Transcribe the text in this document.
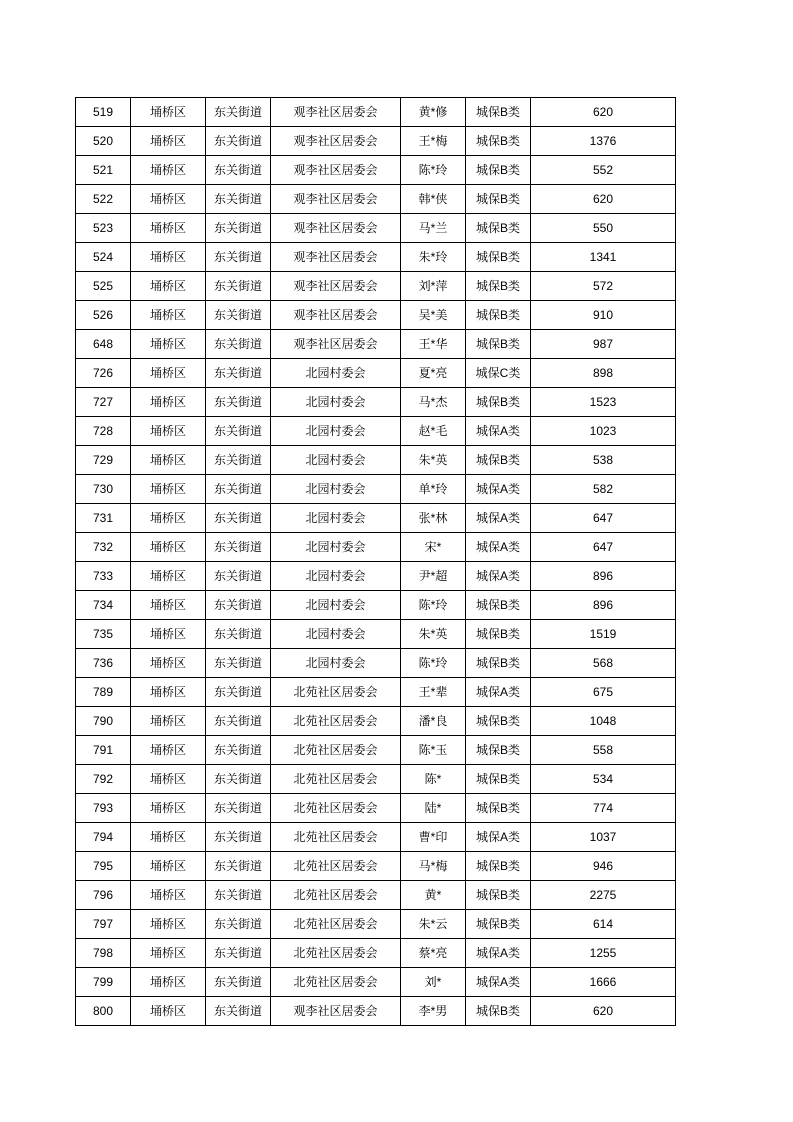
519	埇桥区	东关街道	观李社区居委会	黄*修	城保B类	620
520	埇桥区	东关街道	观李社区居委会	王*梅	城保B类	1376
521	埇桥区	东关街道	观李社区居委会	陈*玲	城保B类	552
522	埇桥区	东关街道	观李社区居委会	韩*侠	城保B类	620
523	埇桥区	东关街道	观李社区居委会	马*兰	城保B类	550
524	埇桥区	东关街道	观李社区居委会	朱*玲	城保B类	1341
525	埇桥区	东关街道	观李社区居委会	刘*萍	城保B类	572
526	埇桥区	东关街道	观李社区居委会	吴*美	城保B类	910
648	埇桥区	东关街道	观李社区居委会	王*华	城保B类	987
726	埇桥区	东关街道	北园村委会	夏*亮	城保C类	898
727	埇桥区	东关街道	北园村委会	马*杰	城保B类	1523
728	埇桥区	东关街道	北园村委会	赵*毛	城保A类	1023
729	埇桥区	东关街道	北园村委会	朱*英	城保B类	538
730	埇桥区	东关街道	北园村委会	单*玲	城保A类	582
731	埇桥区	东关街道	北园村委会	张*林	城保A类	647
732	埇桥区	东关街道	北园村委会	宋*	城保A类	647
733	埇桥区	东关街道	北园村委会	尹*超	城保A类	896
734	埇桥区	东关街道	北园村委会	陈*玲	城保B类	896
735	埇桥区	东关街道	北园村委会	朱*英	城保B类	1519
736	埇桥区	东关街道	北园村委会	陈*玲	城保B类	568
789	埇桥区	东关街道	北苑社区居委会	王*辈	城保A类	675
790	埇桥区	东关街道	北苑社区居委会	潘*良	城保B类	1048
791	埇桥区	东关街道	北苑社区居委会	陈*玉	城保B类	558
792	埇桥区	东关街道	北苑社区居委会	陈*	城保B类	534
793	埇桥区	东关街道	北苑社区居委会	陆*	城保B类	774
794	埇桥区	东关街道	北苑社区居委会	曹*印	城保A类	1037
795	埇桥区	东关街道	北苑社区居委会	马*梅	城保B类	946
796	埇桥区	东关街道	北苑社区居委会	黄*	城保B类	2275
797	埇桥区	东关街道	北苑社区居委会	朱*云	城保B类	614
798	埇桥区	东关街道	北苑社区居委会	蔡*亮	城保A类	1255
799	埇桥区	东关街道	北苑社区居委会	刘*	城保A类	1666
800	埇桥区	东关街道	观李社区居委会	李*男	城保B类	620
